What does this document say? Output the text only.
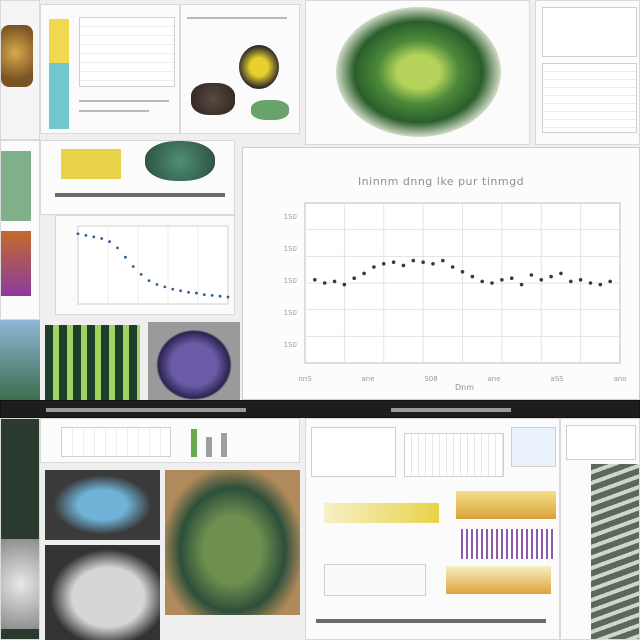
Ininnm dnng lke pur tinmgd
nnS	ane	S08	ane	aSS	ano
1S0
1S0
1S0
1S0
1S0
Dnm
